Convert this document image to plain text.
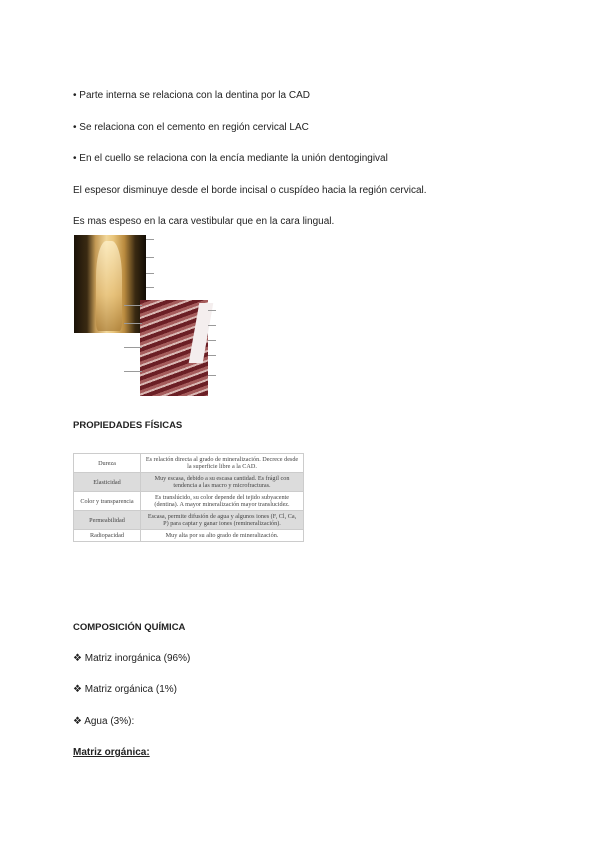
• Parte interna se relaciona con la dentina por la CAD
• Se relaciona con el cemento en región cervical LAC
• En el cuello se relaciona con la encía mediante la unión dentogingival
El espesor disminuye desde el borde incisal o cuspídeo hacia la región cervical.
Es mas espeso en la cara vestibular que en la cara lingual.
PROPIEDADES FÍSICAS
Dureza	Es relación directa al grado de mineralización. Decrece desde la superficie libre a la CAD.
Elasticidad	Muy escasa, debido a su escasa cantidad. Es frágil con tendencia a las macro y microfracturas.
Color y transparencia	Es translúcido, su color depende del tejido subyacente (dentina). A mayor mineralización mayor translucidez.
Permeabilidad	Escasa, permite difusión de agua y algunos iones (F, Cl, Ca, P) para captar y ganar iones (remineralización).
Radiopacidad	Muy alta por su alto grado de mineralización.
COMPOSICIÓN QUÍMICA
❖ Matriz inorgánica (96%)
❖ Matriz orgánica (1%)
❖ Agua (3%):
Matriz orgánica:
